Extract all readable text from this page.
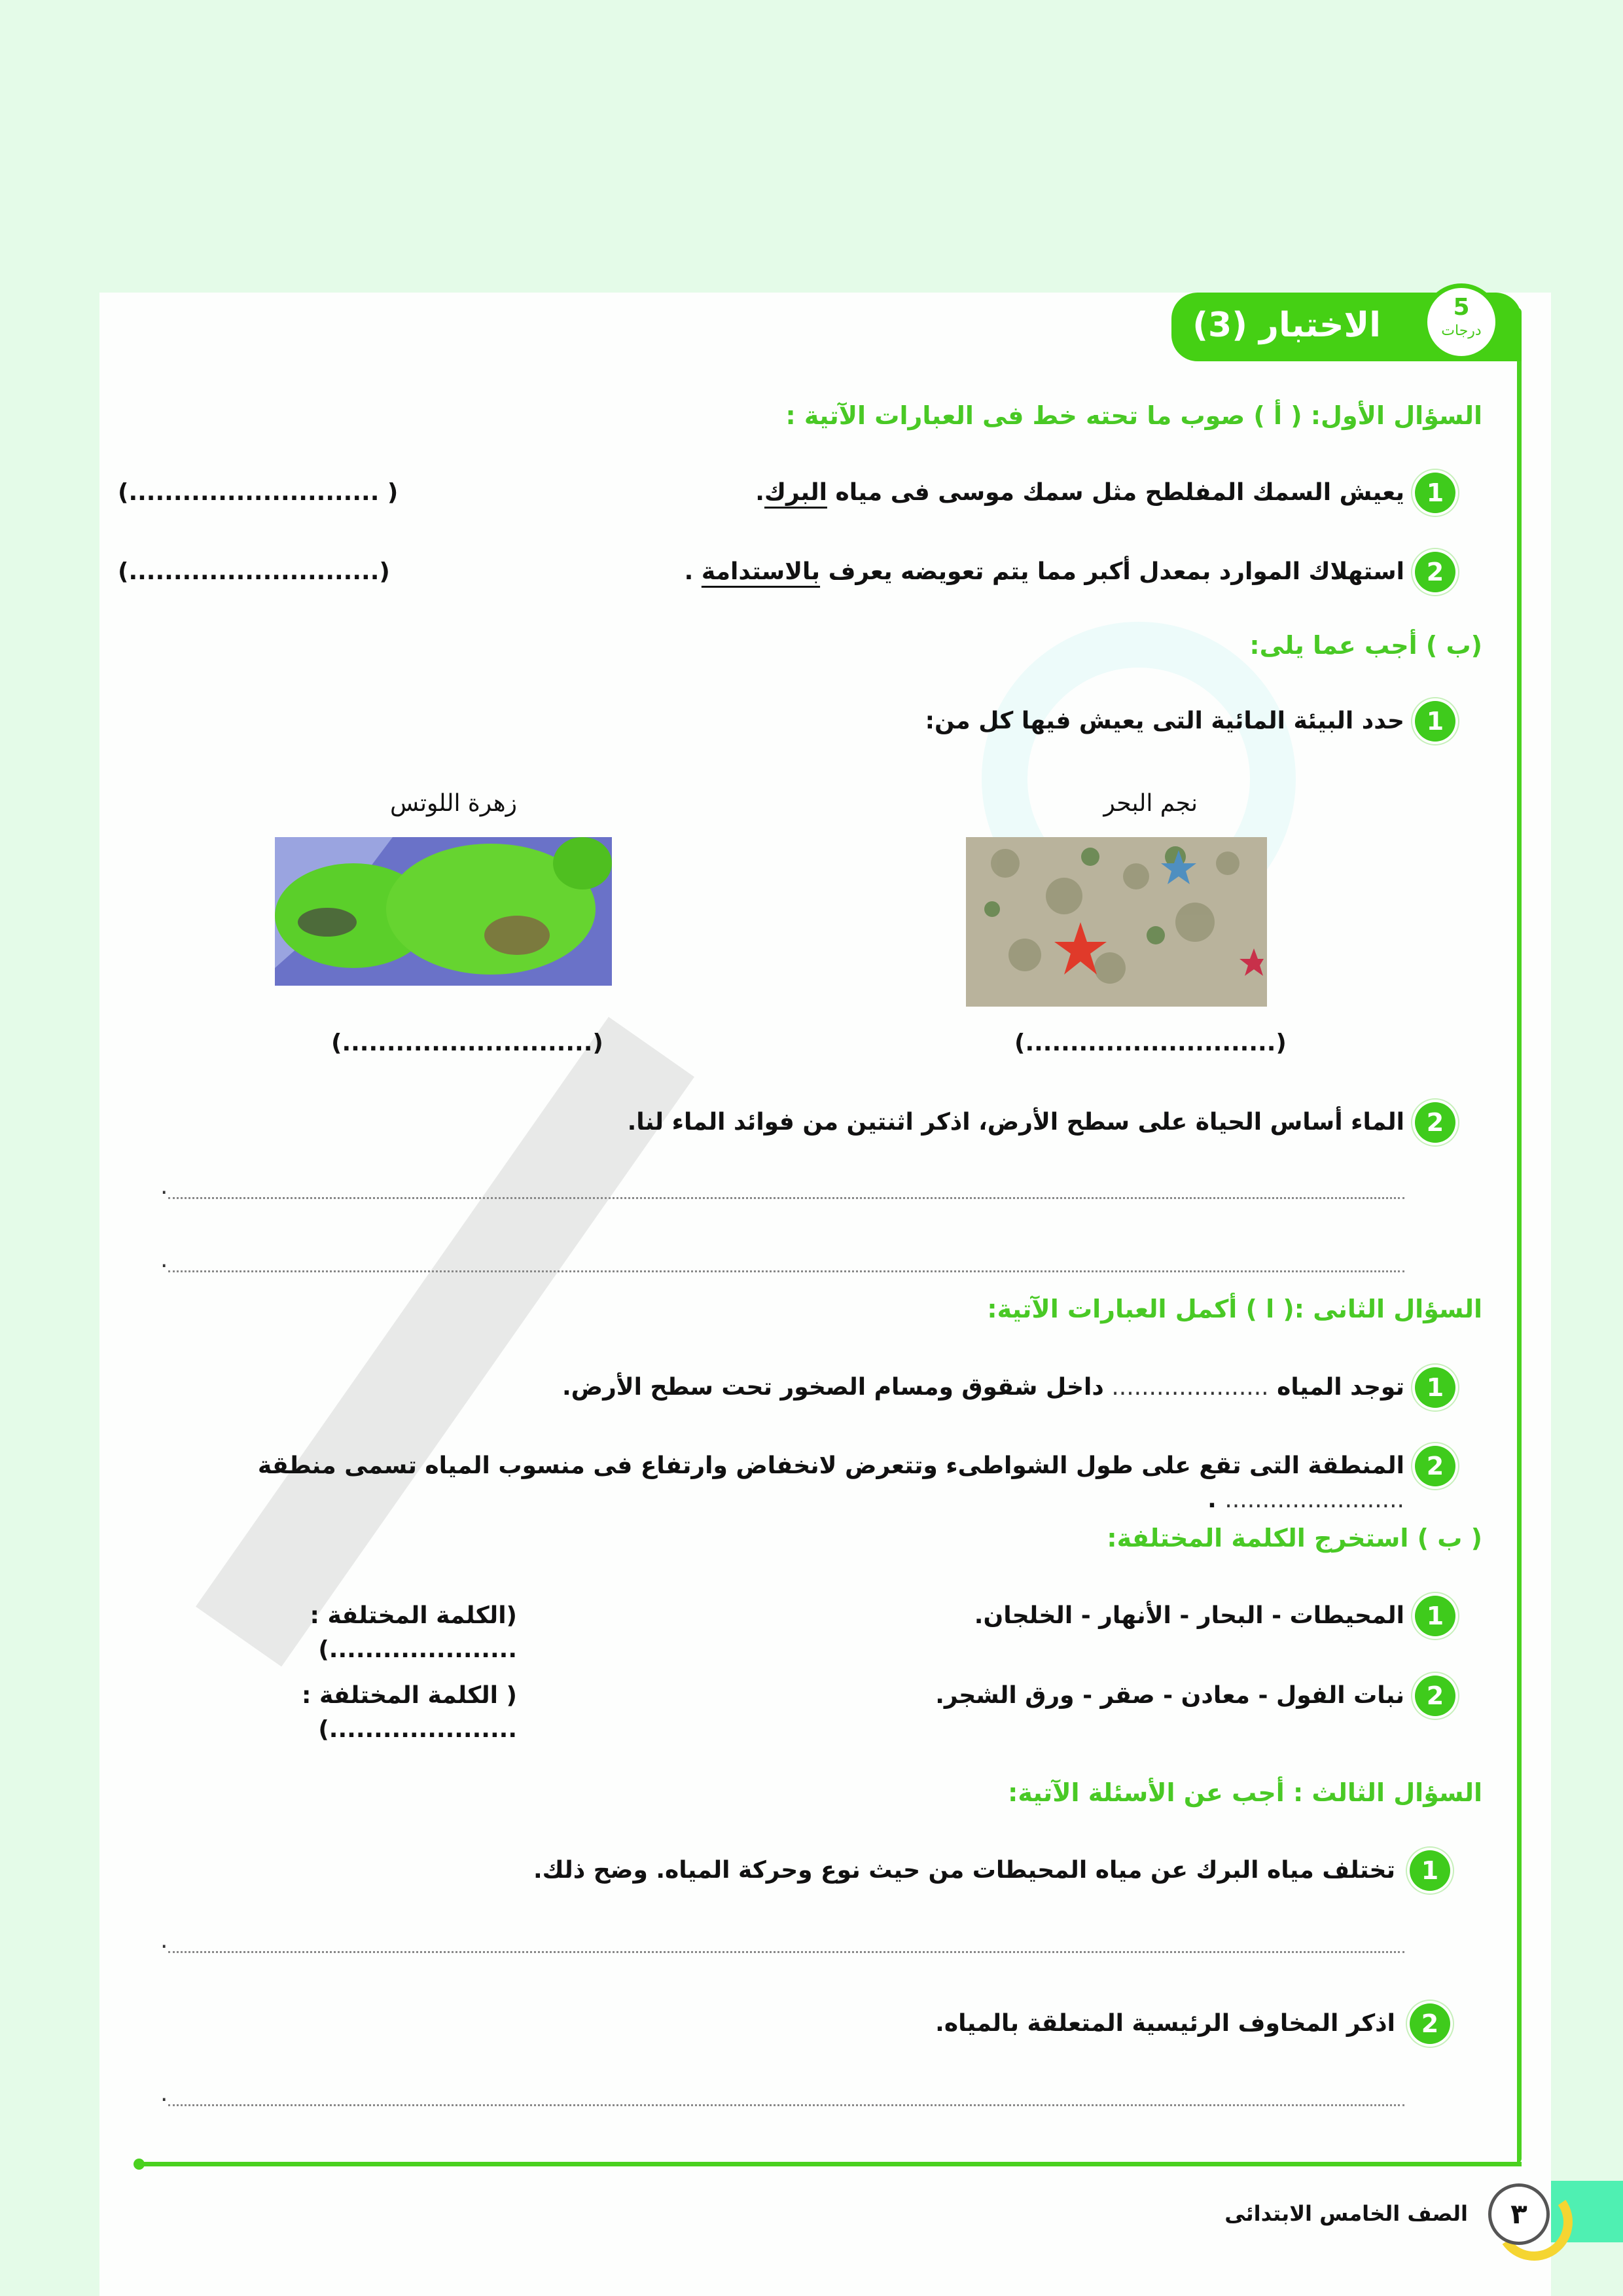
الاختبار (3)	5
درجات
السؤال الأول: ( أ ) صوب ما تحته خط فى العبارات الآتية :
1
يعيش السمك المفلطح مثل سمك موسى فى مياه البرك.
(............................ )
2
استهلاك الموارد بمعدل أكبر مما يتم تعويضه يعرف بالاستدامة .
(............................)
(ب ) أجب عما يلى:
1
حدد البيئة المائية التى يعيش فيها كل من:
نجم البحر
زهرة اللوتس
(............................)
(............................)
2
الماء أساس الحياة على سطح الأرض، اذكر اثنتين من فوائد الماء لنا.
.
.
السؤال الثانى :( ا ) أكمل العبارات الآتية:
1
توجد المياه ..................... داخل شقوق ومسام الصخور تحت سطح الأرض.
2
المنطقة التى تقع على طول الشواطىء وتتعرض لانخفاض وارتفاع فى منسوب المياه تسمى منطقة ........................ .
( ب ) استخرج الكلمة المختلفة:
1
المحيطات - البحار - الأنهار - الخلجان.
(الكلمة المختلفة : .....................)
2
نبات الفول - معادن - صقر - ورق الشجر.
( الكلمة المختلفة : .....................)
السؤال الثالث : أجب عن الأسئلة الآتية:
1
تختلف مياه البرك عن مياه المحيطات من حيث نوع وحركة المياه. وضح ذلك.
.
2
اذكر المخاوف الرئيسية المتعلقة بالمياه.
.
٣
الصف الخامس الابتدائى
